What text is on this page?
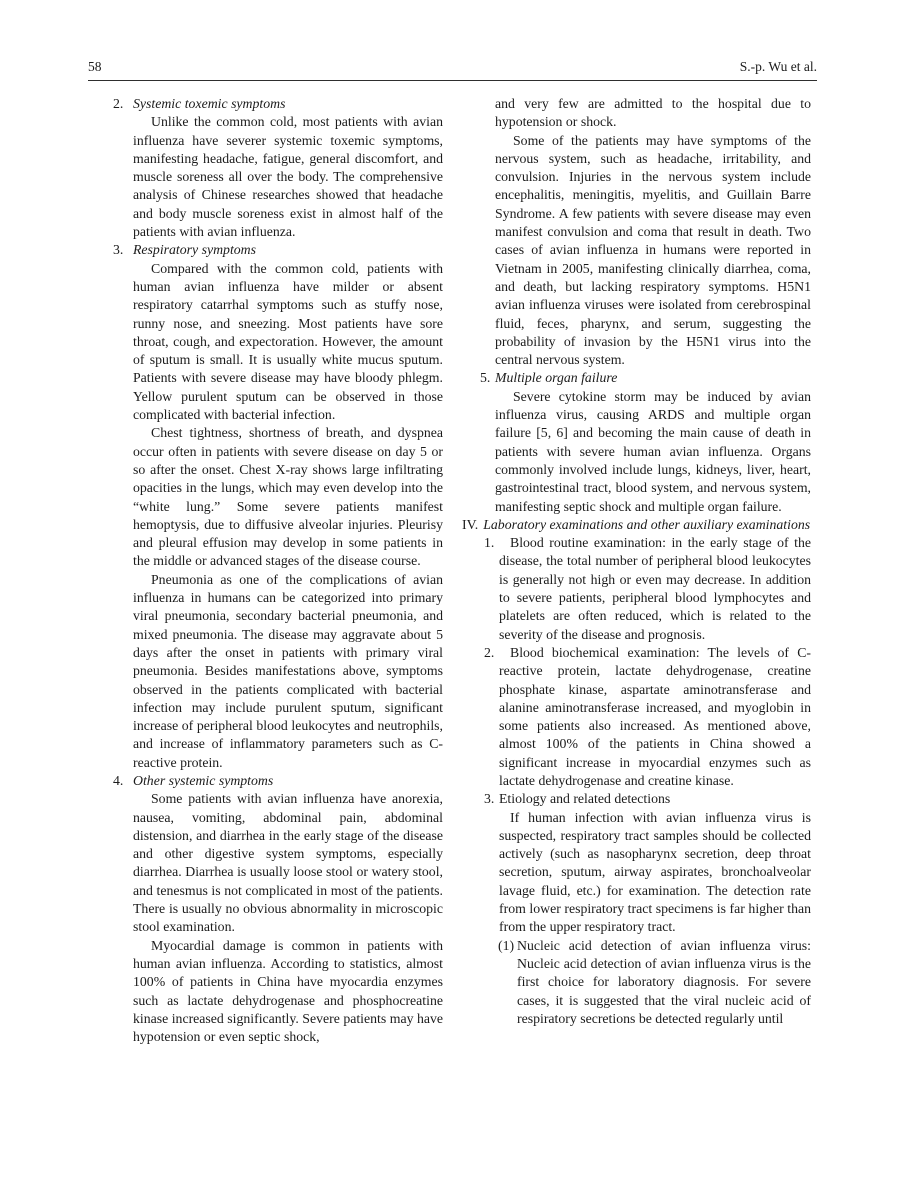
58	S.-p. Wu et al.
2. Systemic toxemic symptoms

Unlike the common cold, most patients with avian influenza have severer systemic toxemic symptoms, manifesting headache, fatigue, general discomfort, and muscle soreness all over the body. The comprehensive analysis of Chinese researches showed that headache and body muscle soreness exist in almost half of the patients with avian influenza.

3. Respiratory symptoms

Compared with the common cold, patients with human avian influenza have milder or absent respiratory catarrhal symptoms such as stuffy nose, runny nose, and sneezing. Most patients have sore throat, cough, and expectoration. However, the amount of sputum is small. It is usually white mucus sputum. Patients with severe disease may have bloody phlegm. Yellow purulent sputum can be observed in those complicated with bacterial infection.

Chest tightness, shortness of breath, and dyspnea occur often in patients with severe disease on day 5 or so after the onset. Chest X-ray shows large infiltrating opacities in the lungs, which may even develop into the “white lung.” Some severe patients manifest hemoptysis, due to diffusive alveolar injuries. Pleurisy and pleural effusion may develop in some patients in the middle or advanced stages of the disease course.

Pneumonia as one of the complications of avian influenza in humans can be categorized into primary viral pneumonia, secondary bacterial pneumonia, and mixed pneumonia. The disease may aggravate about 5 days after the onset in patients with primary viral pneumonia. Besides manifestations above, symptoms observed in the patients complicated with bacterial infection may include purulent sputum, significant increase of peripheral blood leukocytes and neutrophils, and increase of inflammatory parameters such as C-reactive protein.

4. Other systemic symptoms

Some patients with avian influenza have anorexia, nausea, vomiting, abdominal pain, abdominal distension, and diarrhea in the early stage of the disease and other digestive system symptoms, especially diarrhea. Diarrhea is usually loose stool or watery stool, and tenesmus is not complicated in most of the patients. There is usually no obvious abnormality in microscopic stool examination.

Myocardial damage is common in patients with human avian influenza. According to statistics, almost 100% of patients in China have myocardia enzymes such as lactate dehydrogenase and phosphocreatine kinase increased significantly. Severe patients may have hypotension or even septic shock,

and very few are admitted to the hospital due to hypotension or shock.

Some of the patients may have symptoms of the nervous system, such as headache, irritability, and convulsion. Injuries in the nervous system include encephalitis, meningitis, myelitis, and Guillain Barre Syndrome. A few patients with severe disease may even manifest convulsion and coma that result in death. Two cases of avian influenza in humans were reported in Vietnam in 2005, manifesting clinically diarrhea, coma, and death, but lacking respiratory symptoms. H5N1 avian influenza viruses were isolated from cerebrospinal fluid, feces, pharynx, and serum, suggesting the probability of invasion by the H5N1 virus into the central nervous system.

5. Multiple organ failure

Severe cytokine storm may be induced by avian influenza virus, causing ARDS and multiple organ failure [5, 6] and becoming the main cause of death in patients with severe human avian influenza. Organs commonly involved include lungs, kidneys, liver, heart, gastrointestinal tract, blood system, and nervous system, manifesting septic shock and multiple organ failure.

IV. Laboratory examinations and other auxiliary examinations
1.	Blood routine examination: in the early stage of the disease, the total number of peripheral blood leukocytes is generally not high or even may decrease. In addition to severe patients, peripheral blood lymphocytes and platelets are often reduced, which is related to the severity of the disease and prognosis.

2.	Blood biochemical examination: The levels of C-reactive protein, lactate dehydrogenase, creatine phosphate kinase, aspartate aminotransferase and alanine aminotransferase increased, and myoglobin in some patients also increased. As mentioned above, almost 100% of the patients in China showed a significant increase in myocardial enzymes such as lactate dehydrogenase and creatine kinase.

3. Etiology and related detections

If human infection with avian influenza virus is suspected, respiratory tract samples should be collected actively (such as nasopharynx secretion, deep throat secretion, sputum, airway aspirates, bronchoalveolar lavage fluid, etc.) for examination. The detection rate from lower respiratory tract specimens is far higher than from the upper respiratory tract.

(1) Nucleic acid detection of avian influenza virus: Nucleic acid detection of avian influenza virus is the first choice for laboratory diagnosis. For severe cases, it is suggested that the viral nucleic acid of respiratory secretions be detected regularly until
